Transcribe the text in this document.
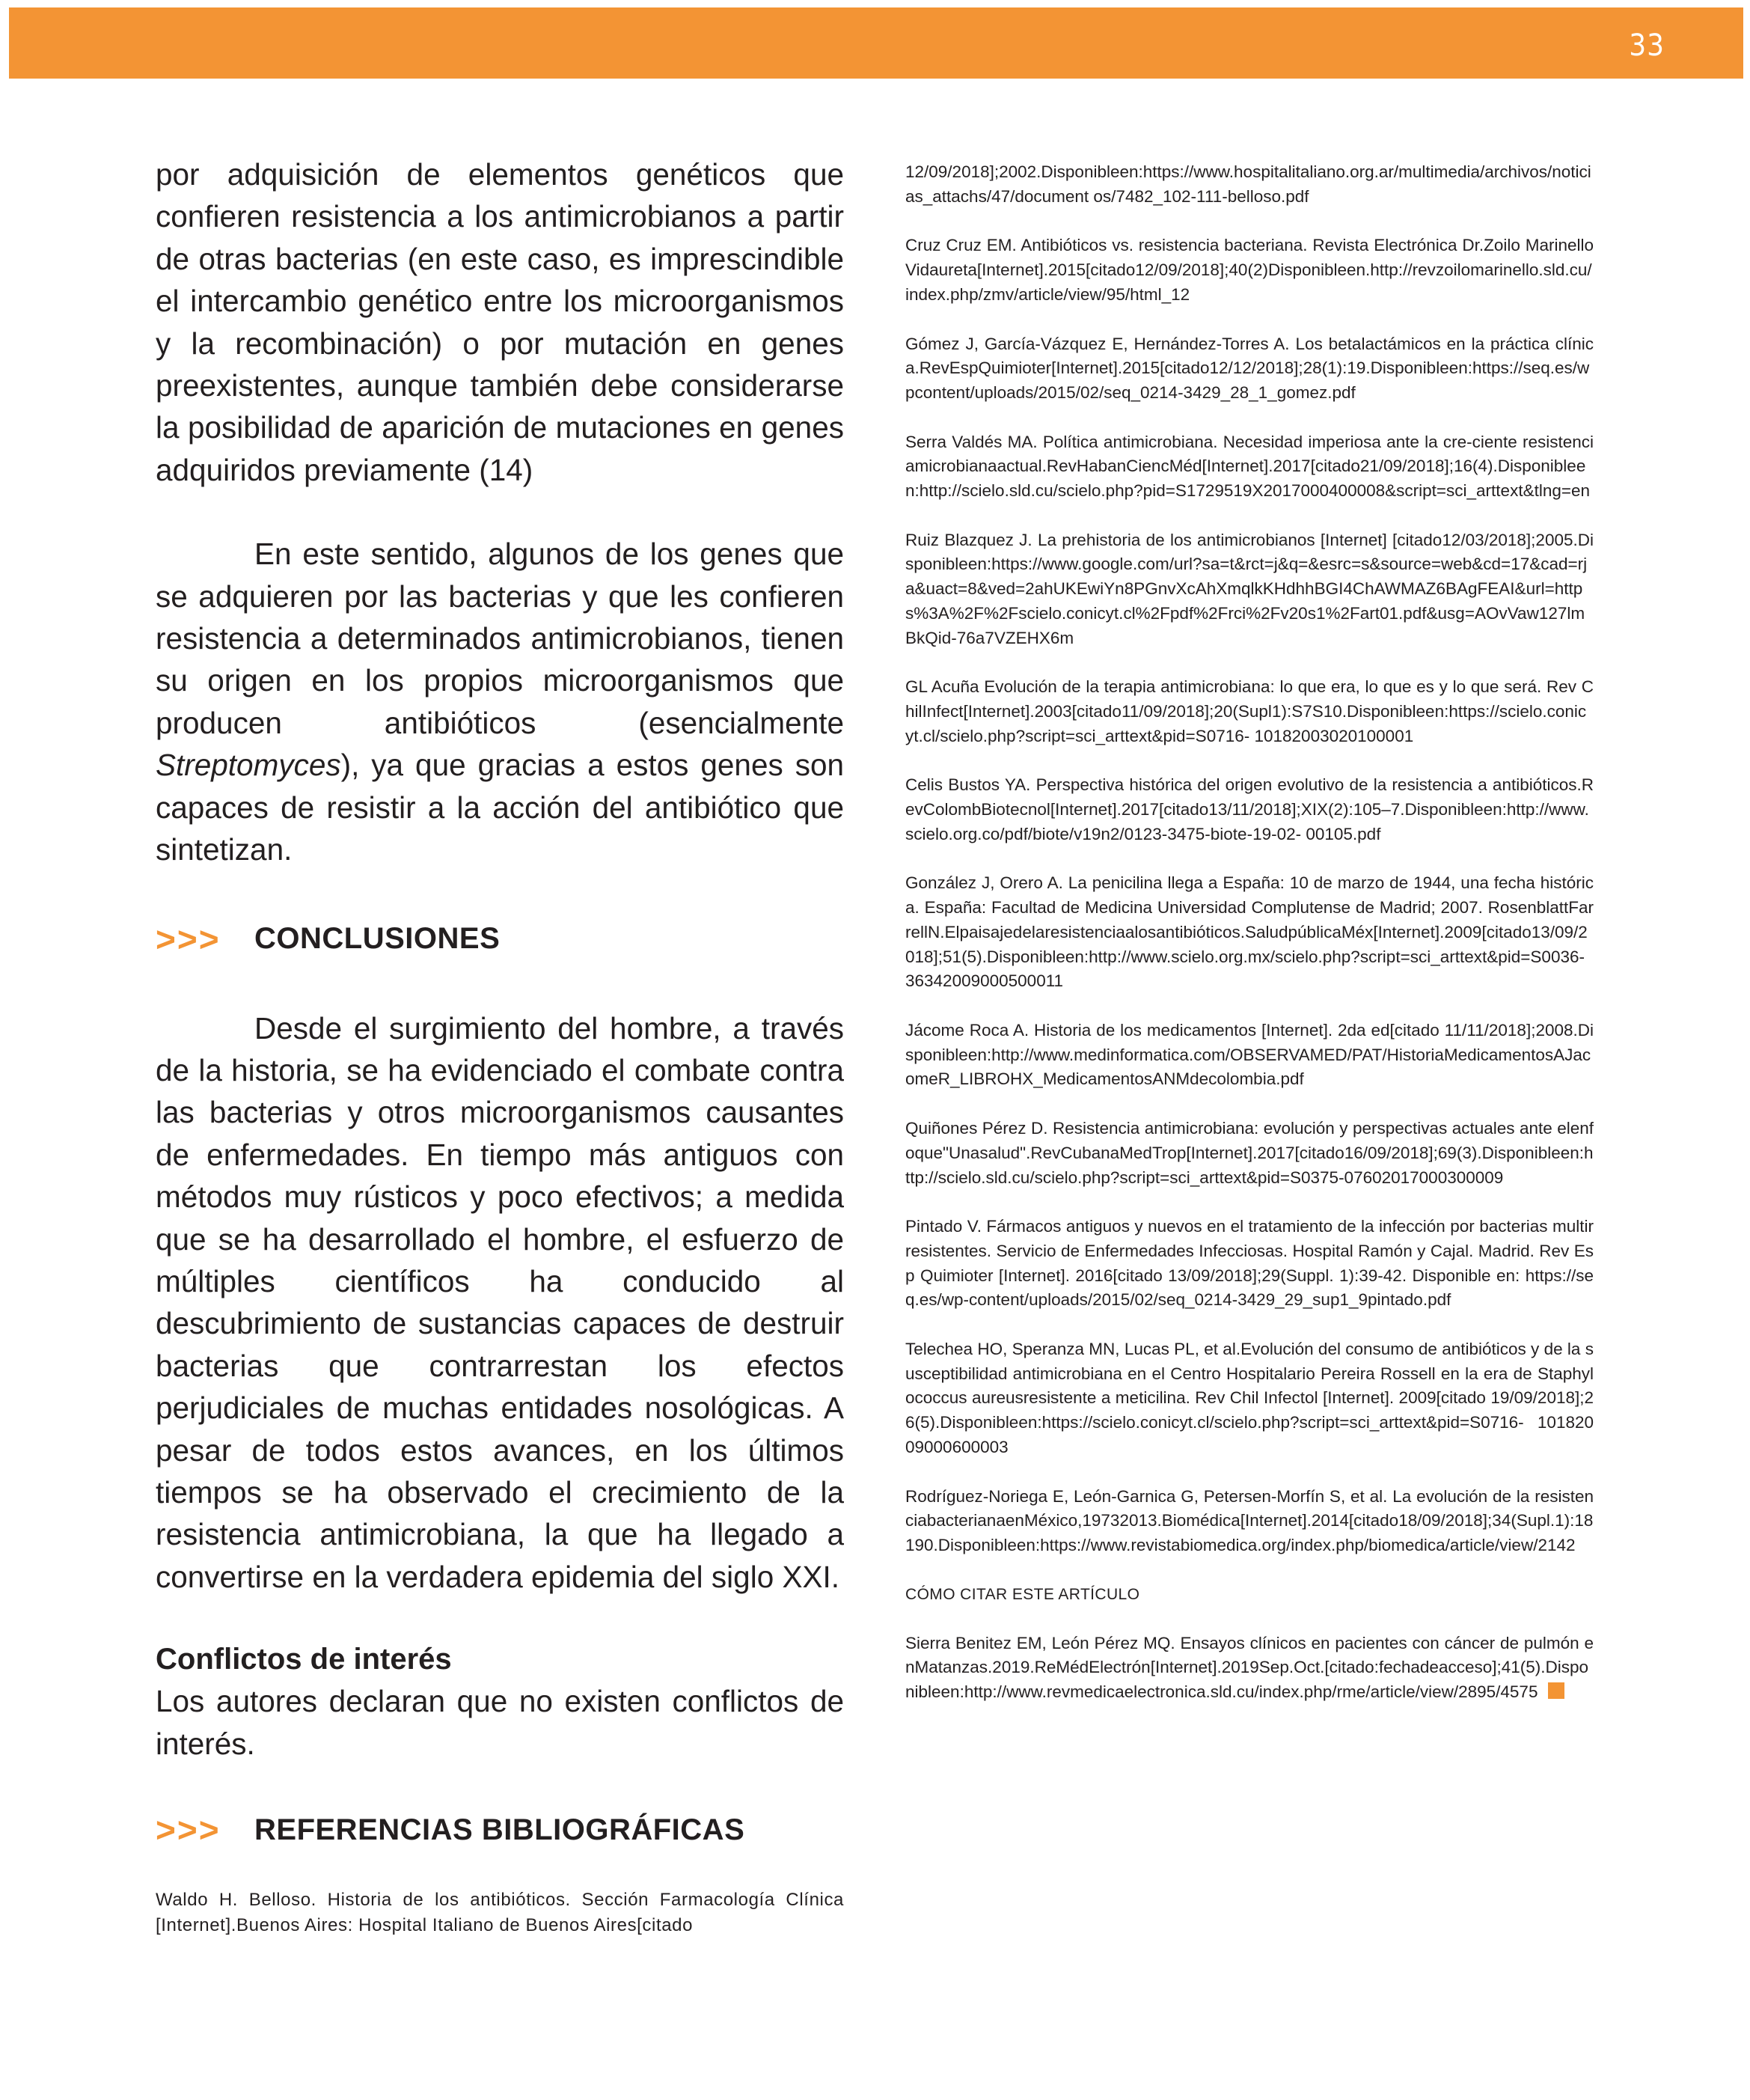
33

por adquisición de elementos genéticos que confieren resistencia a los antimicrobianos a partir de otras bacterias (en este caso, es imprescindible el intercambio genético entre los microorganismos y la recombinación) o por mutación en genes preexistentes, aunque también debe considerarse la posibilidad de aparición de mutaciones en genes adquiridos previamente (14)

En este sentido, algunos de los genes que se adquieren por las bacterias y que les confieren resistencia a determinados antimicrobianos, tienen su origen en los propios microorganismos que producen antibióticos (esencialmente Streptomyces), ya que gracias a estos genes son capaces de resistir a la acción del antibiótico que sintetizan.

>>>	CONCLUSIONES

Desde el surgimiento del hombre, a través de la historia, se ha evidenciado el combate contra las bacterias y otros microorganismos causantes de enfermedades. En tiempo más antiguos con métodos muy rústicos y poco efectivos; a medida que se ha desarrollado el hombre, el esfuerzo de múltiples científicos ha conducido al descubrimiento de sustancias capaces de destruir bacterias que contrarrestan los efectos perjudiciales de muchas entidades nosológicas. A pesar de todos estos avances, en los últimos tiempos se ha observado el crecimiento de la resistencia antimicrobiana, la que ha llegado a convertirse en la verdadera epidemia del siglo XXI.

Conflictos de interés

Los autores declaran que no existen conflictos de interés.

>>>	REFERENCIAS BIBLIOGRÁFICAS

Waldo H. Belloso. Historia de los antibióticos. Sección Farmacología Clínica [Internet].Buenos Aires: Hospital Italiano de Buenos Aires[citado

12/09/2018];2002.Disponibleen:https://www.hospitalitaliano.org.ar/multimedia/archivos/noticias_attachs/47/document os/7482_102-111-belloso.pdf

Cruz Cruz EM. Antibióticos vs. resistencia bacteriana. Revista Electrónica Dr.Zoilo MarinelloVidaureta[Internet].2015[citado12/09/2018];40(2)Disponibleen.http://revzoilomarinello.sld.cu/index.php/zmv/article/view/95/html_12

Gómez J, García-Vázquez E, Hernández-Torres A. Los betalactámicos en la práctica clínica.RevEspQuimioter[Internet].2015[citado12/12/2018];28(1):19.Disponibleen:https://seq.es/wpcontent/uploads/2015/02/seq_0214-3429_28_1_gomez.pdf

Serra Valdés MA. Política antimicrobiana. Necesidad imperiosa ante la cre-ciente resistenciamicrobianaactual.RevHabanCiencMéd[Internet].2017[citado21/09/2018];16(4).Disponibleen:http://scielo.sld.cu/scielo.php?pid=S1729519X2017000400008&script=sci_arttext&tlng=en

Ruiz Blazquez J. La prehistoria de los antimicrobianos [Internet] [citado12/03/2018];2005.Disponibleen:https://www.google.com/url?sa=t&rct=j&q=&esrc=s&source=web&cd=17&cad=rja&uact=8&ved=2ahUKEwiYn8PGnvXcAhXmqlkKHdhhBGI4ChAWMAZ6BAgFEAI&url=https%3A%2F%2Fscielo.conicyt.cl%2Fpdf%2Frci%2Fv20s1%2Fart01.pdf&usg=AOvVaw127lm BkQid-76a7VZEHX6m

GL Acuña Evolución de la terapia antimicrobiana: lo que era, lo que es y lo que será. Rev ChilInfect[Internet].2003[citado11/09/2018];20(Supl1):S7S10.Disponibleen:https://scielo.conicyt.cl/scielo.php?script=sci_arttext&pid=S0716- 10182003020100001

Celis Bustos YA. Perspectiva histórica del origen evolutivo de la resistencia a antibióticos.RevColombBiotecnol[Internet].2017[citado13/11/2018];XIX(2):105–7.Disponibleen:http://www.scielo.org.co/pdf/biote/v19n2/0123-3475-biote-19-02- 00105.pdf

González J, Orero A. La penicilina llega a España: 10 de marzo de 1944, una fecha histórica. España: Facultad de Medicina Universidad Complutense de Madrid; 2007. RosenblattFarrellN.Elpaisajedelaresistenciaalosantibióticos.SaludpúblicaMéx[Internet].2009[citado13/09/2018];51(5).Disponibleen:http://www.scielo.org.mx/scielo.php?script=sci_arttext&pid=S0036- 36342009000500011

Jácome Roca A. Historia de los medicamentos [Internet]. 2da ed[citado 11/11/2018];2008.Disponibleen:http://www.medinformatica.com/OBSERVAMED/PAT/HistoriaMedicamentosAJacomeR_LIBROHX_MedicamentosANMdecolombia.pdf

Quiñones Pérez D. Resistencia antimicrobiana: evolución y perspectivas actuales ante elenfoque"Unasalud".RevCubanaMedTrop[Internet].2017[citado16/09/2018];69(3).Disponibleen:http://scielo.sld.cu/scielo.php?script=sci_arttext&pid=S0375-07602017000300009

Pintado V. Fármacos antiguos y nuevos en el tratamiento de la infección por bacterias multirresistentes. Servicio de Enfermedades Infecciosas. Hospital Ramón y Cajal. Madrid. Rev Esp Quimioter [Internet]. 2016[citado 13/09/2018];29(Suppl. 1):39-42. Disponible en: https://seq.es/wp-content/uploads/2015/02/seq_0214-3429_29_sup1_9pintado.pdf

Telechea HO, Speranza MN, Lucas PL, et al.Evolución del consumo de antibióticos y de la susceptibilidad antimicrobiana en el Centro Hospitalario Pereira Rossell en la era de Staphylococcus aureusresistente a meticilina. Rev Chil Infectol [Internet]. 2009[citado 19/09/2018];26(5).Disponibleen:https://scielo.conicyt.cl/scielo.php?script=sci_arttext&pid=S0716- 10182009000600003

Rodríguez-Noriega E, León-Garnica G, Petersen-Morfín S, et al. La evolución de la resistenciabacterianaenMéxico,19732013.Biomédica[Internet].2014[citado18/09/2018];34(Supl.1):18190.Disponibleen:https://www.revistabiomedica.org/index.php/biomedica/article/view/2142

CÓMO CITAR ESTE ARTÍCULO

Sierra Benitez EM, León Pérez MQ. Ensayos clínicos en pacientes con cáncer de pulmón enMatanzas.2019.ReMédElectrón[Internet].2019Sep.Oct.[citado:fechadeacceso];41(5).Disponibleen:http://www.revmedicaelectronica.sld.cu/index.php/rme/article/view/2895/4575
